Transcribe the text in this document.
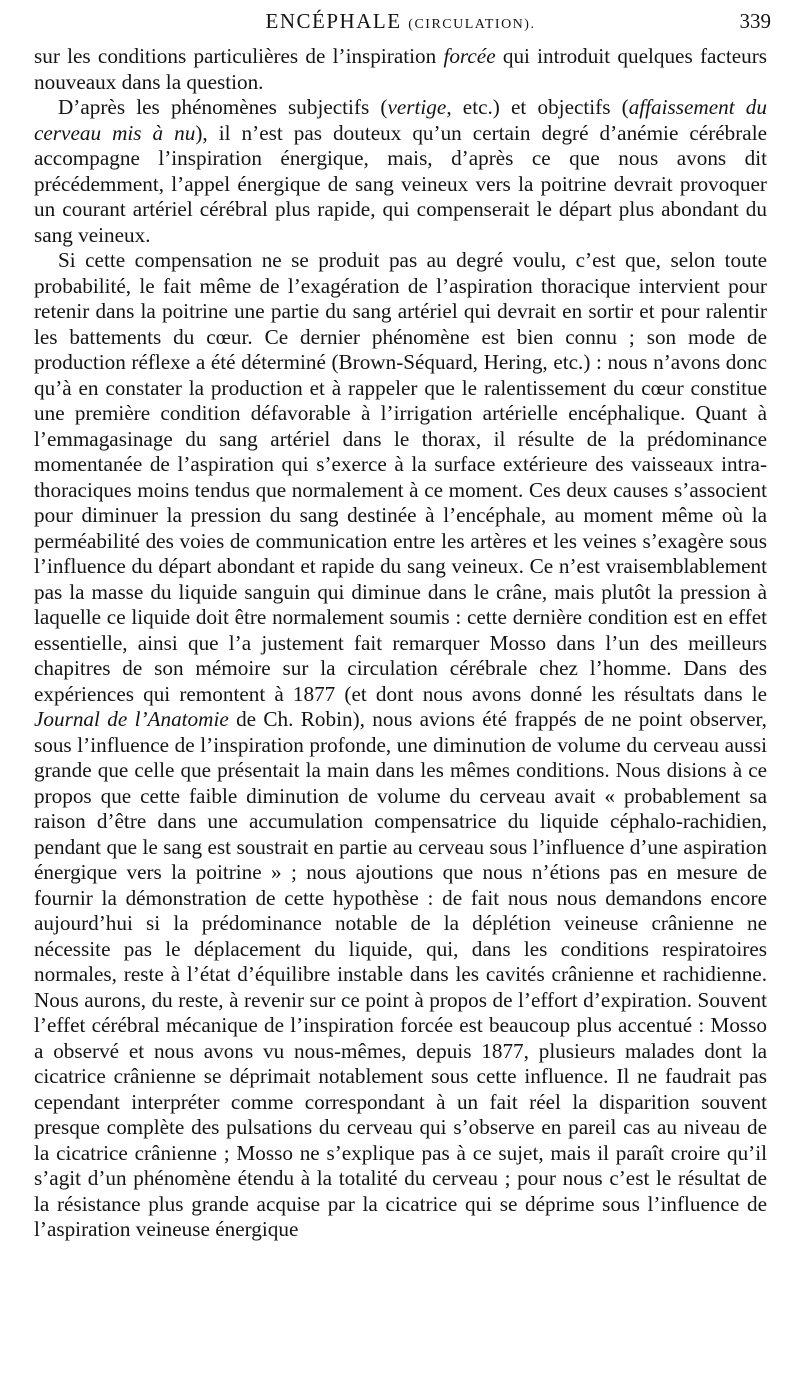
ENCÉPHALE (CIRCULATION).	339

sur les conditions particulières de l’inspiration forcée qui introduit quelques facteurs nouveaux dans la question.

D’après les phénomènes subjectifs (vertige, etc.) et objectifs (affaissement du cerveau mis à nu), il n’est pas douteux qu’un certain degré d’anémie cérébrale accompagne l’inspiration énergique, mais, d’après ce que nous avons dit précédemment, l’appel énergique de sang veineux vers la poitrine devrait provoquer un courant artériel cérébral plus rapide, qui compenserait le départ plus abondant du sang veineux.

Si cette compensation ne se produit pas au degré voulu, c’est que, selon toute probabilité, le fait même de l’exagération de l’aspiration thoracique intervient pour retenir dans la poitrine une partie du sang artériel qui devrait en sortir et pour ralentir les battements du cœur. Ce dernier phénomène est bien connu ; son mode de production réflexe a été déterminé (Brown-Séquard, Hering, etc.) : nous n’avons donc qu’à en constater la production et à rappeler que le ralentissement du cœur constitue une première condition défavorable à l’irrigation artérielle encéphalique. Quant à l’emmagasinage du sang artériel dans le thorax, il résulte de la prédominance momentanée de l’aspiration qui s’exerce à la surface extérieure des vaisseaux intra-thoraciques moins tendus que normalement à ce moment. Ces deux causes s’associent pour diminuer la pression du sang destinée à l’encéphale, au moment même où la perméabilité des voies de communication entre les artères et les veines s’exagère sous l’influence du départ abondant et rapide du sang veineux. Ce n’est vraisemblablement pas la masse du liquide sanguin qui diminue dans le crâne, mais plutôt la pression à laquelle ce liquide doit être normalement soumis : cette dernière condition est en effet essentielle, ainsi que l’a justement fait remarquer Mosso dans l’un des meilleurs chapitres de son mémoire sur la circulation cérébrale chez l’homme. Dans des expériences qui remontent à 1877 (et dont nous avons donné les résultats dans le Journal de l’Anatomie de Ch. Robin), nous avions été frappés de ne point observer, sous l’influence de l’inspiration profonde, une diminution de volume du cerveau aussi grande que celle que présentait la main dans les mêmes conditions. Nous disions à ce propos que cette faible diminution de volume du cerveau avait « probablement sa raison d’être dans une accumulation compensatrice du liquide céphalo-rachidien, pendant que le sang est soustrait en partie au cerveau sous l’influence d’une aspiration énergique vers la poitrine » ; nous ajoutions que nous n’étions pas en mesure de fournir la démonstration de cette hypothèse : de fait nous nous demandons encore aujourd’hui si la prédominance notable de la déplétion veineuse crânienne ne nécessite pas le déplacement du liquide, qui, dans les conditions respiratoires normales, reste à l’état d’équilibre instable dans les cavités crânienne et rachidienne. Nous aurons, du reste, à revenir sur ce point à propos de l’effort d’expiration. Souvent l’effet cérébral mécanique de l’inspiration forcée est beaucoup plus accentué : Mosso a observé et nous avons vu nous-mêmes, depuis 1877, plusieurs malades dont la cicatrice crânienne se déprimait notablement sous cette influence. Il ne faudrait pas cependant interpréter comme correspondant à un fait réel la disparition souvent presque complète des pulsations du cerveau qui s’observe en pareil cas au niveau de la cicatrice crânienne ; Mosso ne s’explique pas à ce sujet, mais il paraît croire qu’il s’agit d’un phénomène étendu à la totalité du cerveau ; pour nous c’est le résultat de la résistance plus grande acquise par la cicatrice qui se déprime sous l’influence de l’aspiration veineuse énergique
